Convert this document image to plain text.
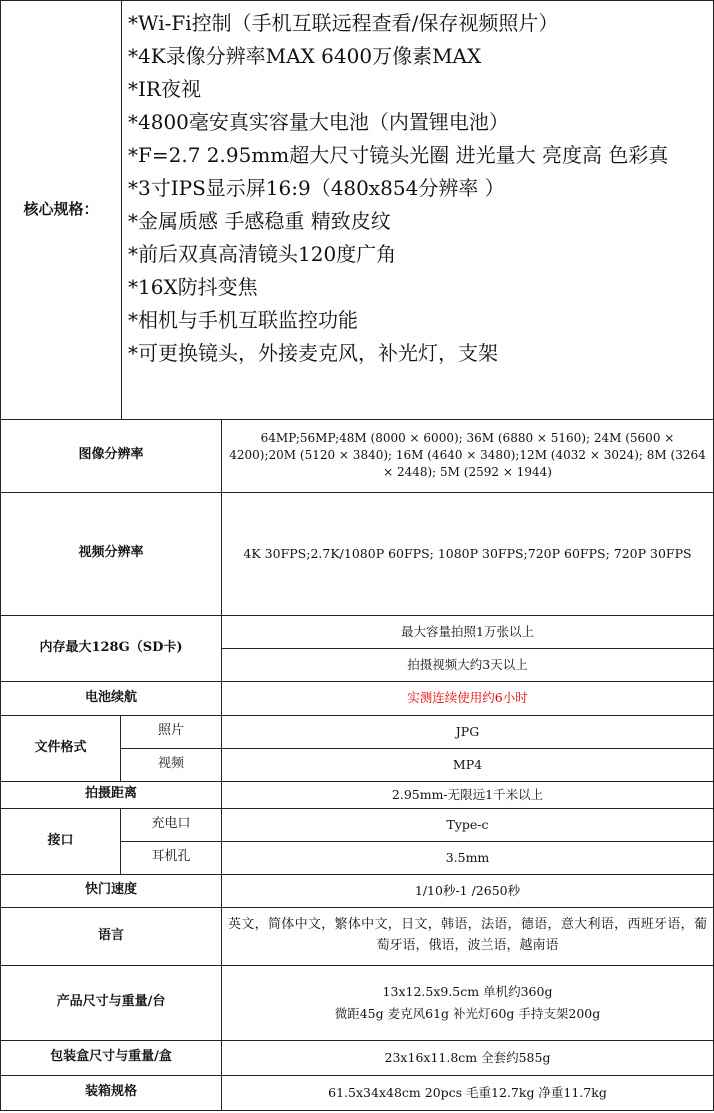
核心规格：	
*Wi-Fi控制（手机互联远程查看/保存视频照片）
*4K录像分辨率MAX 6400万像素MAX
*IR夜视
*4800毫安真实容量大电池（内置锂电池）
*F=2.7 2.95mm超大尺寸镜头光圈 进光量大 亮度高 色彩真
*3寸IPS显示屏16:9（480x854分辨率 ）
*金属质感 手感稳重 精致皮纹
*前后双真高清镜头120度广角
*16X防抖变焦
*相机与手机互联监控功能
*可更换镜头，外接麦克风，补光灯，支架
图像分辨率		64MP;56MP;48M (8000 × 6000); 36M (6880 × 5160); 24M (5600 × 4200);20M (5120 × 3840); 16M (4640 × 3480);12M (4032 × 3024); 8M (3264 × 2448); 5M (2592 × 1944)
视频分辨率		4K 30FPS;2.7K/1080P 60FPS; 1080P 30FPS;720P 60FPS; 720P 30FPS
内存最大128G（SD卡)		最大容量拍照1万张以上
		拍摄视频大约3天以上
电池续航		实测连续使用约6小时
文件格式	照片	JPG
	视频	MP4
拍摄距离		2.95mm-无限远1千米以上
接口	充电口	Type-c
	耳机孔	3.5mm
快门速度		1/10秒-1 /2650秒
语言		英文，简体中文，繁体中文，日文，韩语，法语，德语，意大利语，西班牙语，葡萄牙语，俄语，波兰语，越南语
产品尺寸与重量/台		13x12.5x9.5cm 单机约360g
微距45g 麦克风61g 补光灯60g 手持支架200g

包装盒尺寸与重量/盒		23x16x11.8cm 全套约585g
装箱规格		61.5x34x48cm 20pcs 毛重12.7kg 净重11.7kg
